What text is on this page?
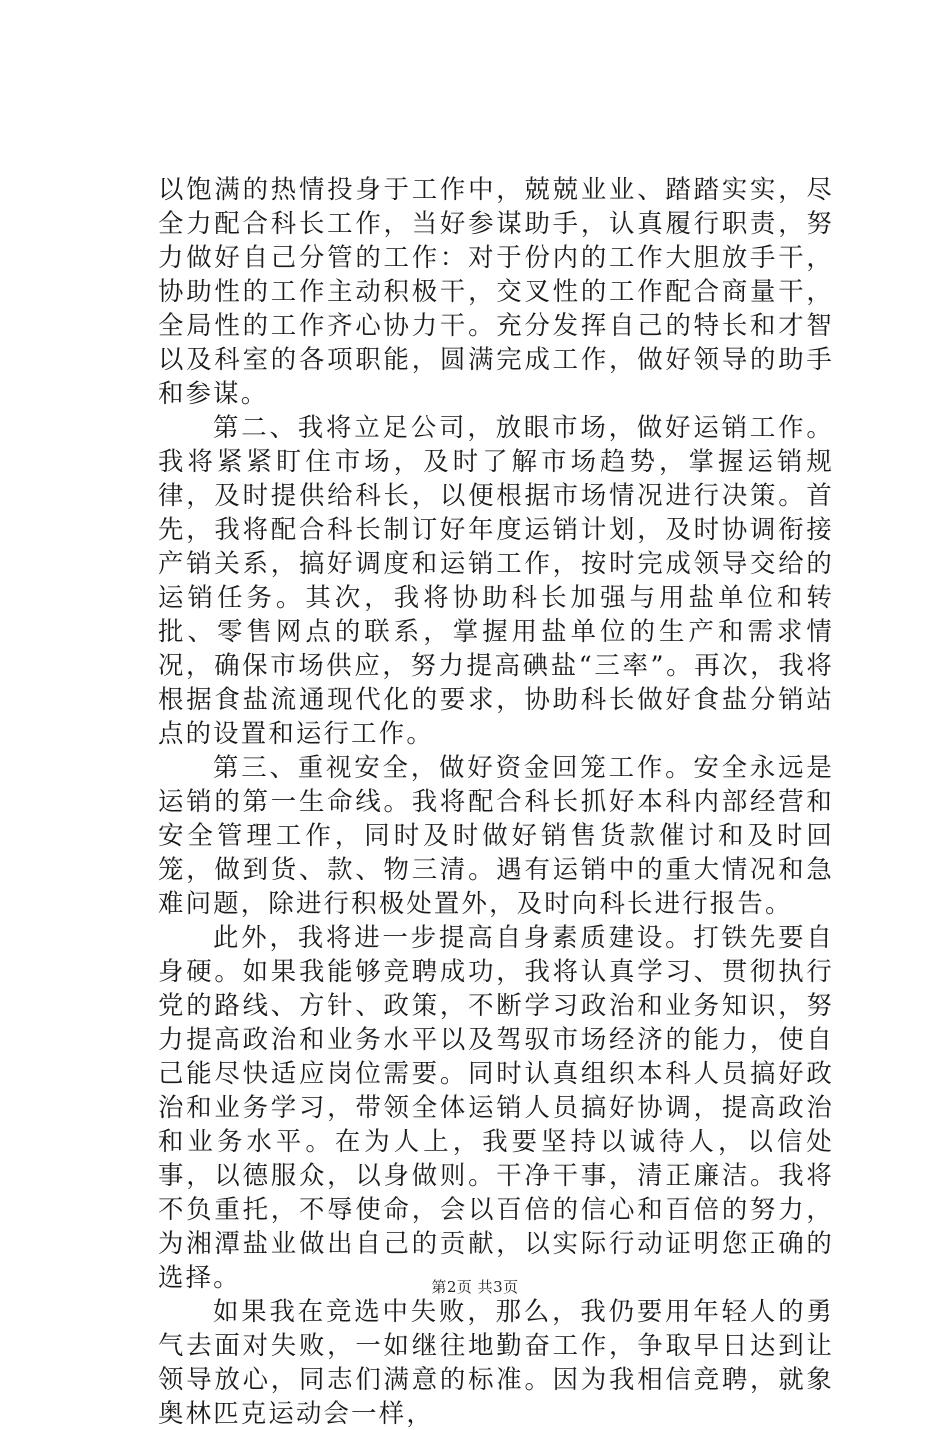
以饱满的热情投身于工作中，兢兢业业、踏踏实实，尽全力配合科长工作，当好参谋助手，认真履行职责，努力做好自己分管的工作：对于份内的工作大胆放手干，协助性的工作主动积极干，交叉性的工作配合商量干，全局性的工作齐心协力干。充分发挥自己的特长和才智以及科室的各项职能，圆满完成工作，做好领导的助手和参谋。

第二、我将立足公司，放眼市场，做好运销工作。我将紧紧盯住市场，及时了解市场趋势，掌握运销规律，及时提供给科长，以便根据市场情况进行决策。首先，我将配合科长制订好年度运销计划，及时协调衔接产销关系，搞好调度和运销工作，按时完成领导交给的运销任务。其次，我将协助科长加强与用盐单位和转批、零售网点的联系，掌握用盐单位的生产和需求情况，确保市场供应，努力提高碘盐“三率”。再次，我将根据食盐流通现代化的要求，协助科长做好食盐分销站点的设置和运行工作。

第三、重视安全，做好资金回笼工作。安全永远是运销的第一生命线。我将配合科长抓好本科内部经营和安全管理工作，同时及时做好销售货款催讨和及时回笼，做到货、款、物三清。遇有运销中的重大情况和急难问题，除进行积极处置外，及时向科长进行报告。

此外，我将进一步提高自身素质建设。打铁先要自身硬。如果我能够竞聘成功，我将认真学习、贯彻执行党的路线、方针、政策，不断学习政治和业务知识，努力提高政治和业务水平以及驾驭市场经济的能力，使自己能尽快适应岗位需要。同时认真组织本科人员搞好政治和业务学习，带领全体运销人员搞好协调，提高政治和业务水平。在为人上，我要坚持以诚待人，以信处事，以德服众，以身做则。干净干事，清正廉洁。我将不负重托，不辱使命，会以百倍的信心和百倍的努力，为湘潭盐业做出自己的贡献，以实际行动证明您正确的选择。

如果我在竞选中失败，那么，我仍要用年轻人的勇气去面对失败，一如继往地勤奋工作，争取早日达到让领导放心，同志们满意的标准。因为我相信竞聘，就象奥林匹克运动会一样，

第2页 共3页
